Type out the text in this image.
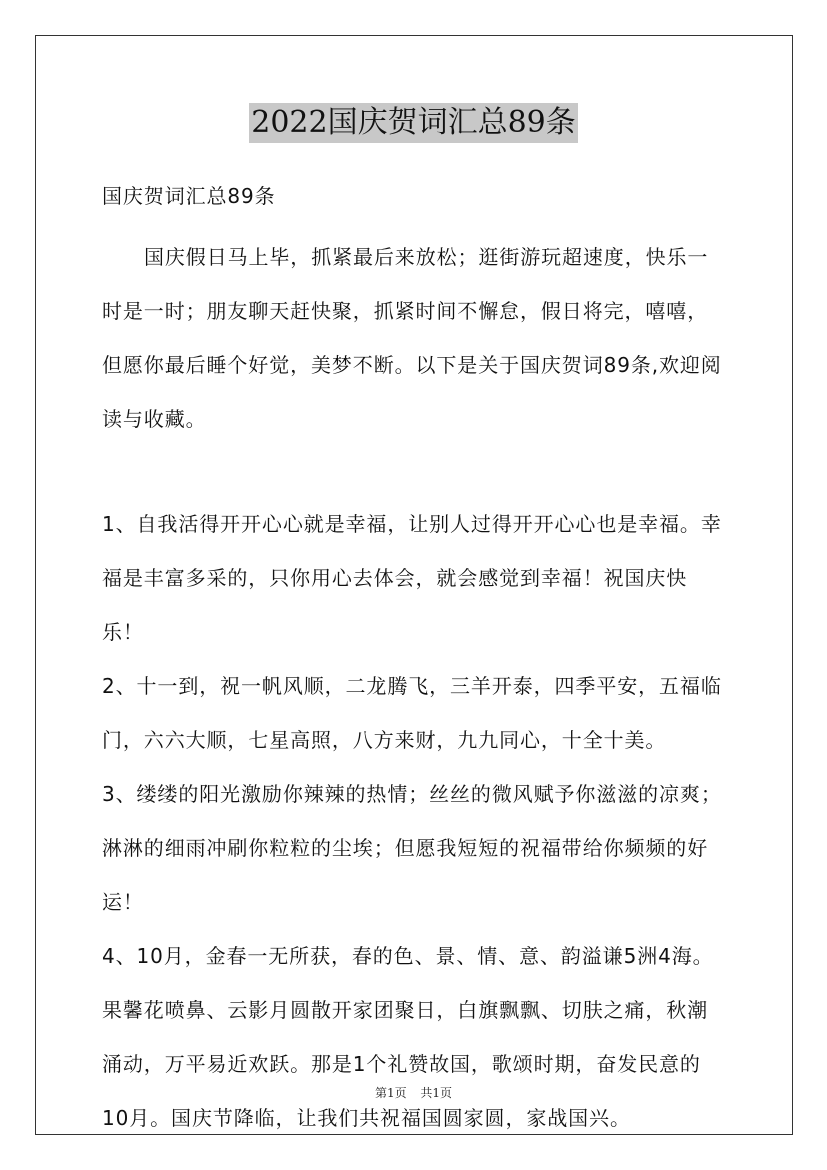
2022国庆贺词汇总89条
国庆贺词汇总89条

国庆假日马上毕，抓紧最后来放松；逛街游玩超速度，快乐一时是一时；朋友聊天赶快聚，抓紧时间不懈怠，假日将完，嘻嘻，但愿你最后睡个好觉，美梦不断。以下是关于国庆贺词89条,欢迎阅读与收藏。

1、自我活得开开心心就是幸福，让别人过得开开心心也是幸福。幸福是丰富多采的，只你用心去体会，就会感觉到幸福！祝国庆快乐！

2、十一到，祝一帆风顺，二龙腾飞，三羊开泰，四季平安，五福临门，六六大顺，七星高照，八方来财，九九同心，十全十美。

3、缕缕的阳光激励你辣辣的热情；丝丝的微风赋予你滋滋的凉爽；淋淋的细雨冲刷你粒粒的尘埃；但愿我短短的祝福带给你频频的好运！

4、10月，金春一无所获，春的色、景、情、意、韵溢谦5洲4海。果馨花喷鼻、云影月圆散开家团聚日，白旗飘飘、切肤之痛，秋潮涌动，万平易近欢跃。那是1个礼赞故国，歌颂时期，奋发民意的10月。国庆节降临，让我们共祝福国圆家圆，家战国兴。

第1页 共1页
